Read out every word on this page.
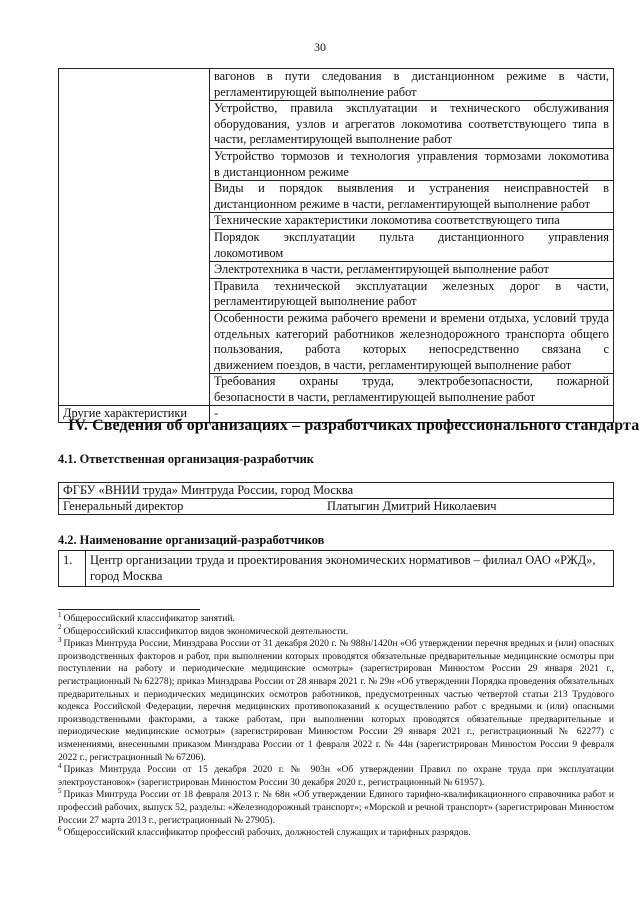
30
	вагонов в пути следования в дистанционном режиме в части,
регламентирующей выполнение работ

	Устройство, правила эксплуатации и технического обслуживания оборудования, узлов и агрегатов локомотива соответствующего типа в
части, регламентирующей выполнение работ

	Устройство тормозов и технология управления тормозами локомотива
в дистанционном режиме

	Виды и порядок выявления и устранения неисправностей в
дистанционном режиме в части, регламентирующей выполнение работ

	Технические характеристики локомотива соответствующего типа
	Порядок эксплуатации пульта дистанционного управления
локомотивом

	Электротехника в части, регламентирующей выполнение работ
	Правила технической эксплуатации железных дорог в части,
регламентирующей выполнение работ

	Особенности режима рабочего времени и времени отдыха, условий труда отдельных категорий работников железнодорожного транспорта общего пользования, работа которых непосредственно связана с
движением поездов, в части, регламентирующей выполнение работ

	Требования охраны труда, электробезопасности, пожарной
безопасности в части, регламентирующей выполнение работ

Другие характеристики	-
IV. Сведения об организациях – разработчиках профессионального стандарта
4.1. Ответственная организация-разработчик
ФГБУ «ВНИИ труда» Минтруда России, город Москва
Генеральный директор	Платыгин Дмитрий Николаевич
4.2. Наименование организаций-разработчиков
1.	Центр организации труда и проектирования экономических нормативов – филиал ОАО «РЖД», город Москва

$^1$ Общероссийский классификатор занятий.

$^2$ Общероссийский классификатор видов экономической деятельности.

$^3$ Приказ Минтруда России, Минздрава России от 31 декабря 2020 г. № 988н/1420н «Об утверждении перечня вредных и (или) опасных производственных факторов и работ, при выполнении которых проводятся обязательные предварительные медицинские осмотры при поступлении на работу и периодические медицинские осмотры» (зарегистрирован Минюстом России 29 января 2021 г., регистрационный № 62278); приказ Минздрава России от 28 января 2021 г. № 29н «Об утверждении Порядка проведения обязательных предварительных и периодических медицинских осмотров работников, предусмотренных частью четвертой статьи 213 Трудового кодекса Российской Федерации, перечня медицинских противопоказаний к осуществлению работ с вредными и (или) опасными производственными факторами, а также работам, при выполнении которых проводятся обязательные предварительные и периодические медицинские осмотры» (зарегистрирован Минюстом России 29 января 2021 г., регистрационный № 62277) с изменениями, внесенными приказом Минздрава России от 1 февраля 2022 г. № 44н (зарегистрирован Минюстом России 9 февраля 2022 г., регистрационный № 67206).

$^4$ Приказ Минтруда России от 15 декабря 2020 г. № 903н «Об утверждении Правил по охране труда при эксплуатации электроустановок» (зарегистрирован Минюстом России 30 декабря 2020 г., регистрационный № 61957).

$^5$ Приказ Минтруда России от 18 февраля 2013 г. № 68н «Об утверждении Единого тарифно-квалификационного справочника работ и профессий рабочих, выпуск 52, разделы: «Железнодорожный транспорт»; «Морской и речной транспорт» (зарегистрирован Минюстом России 27 марта 2013 г., регистрационный № 27905).

$^6$ Общероссийский классификатор профессий рабочих, должностей служащих и тарифных разрядов.
